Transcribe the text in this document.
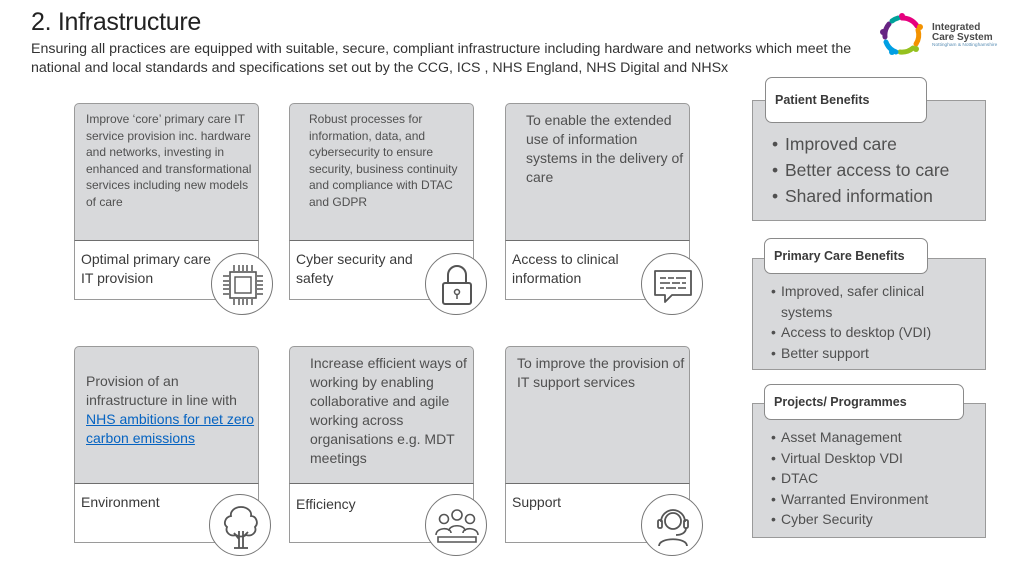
2. Infrastructure
Ensuring all practices are equipped with suitable, secure, compliant infrastructure including hardware and networks which meet the national and local standards and specifications set out by the CCG, ICS , NHS England, NHS Digital and NHSx
Integrated
Care System
Nottingham & Nottinghamshire
Improve ‘core’ primary care IT service provision inc. hardware and networks, investing in enhanced and transformational services including new models of care
Optimal primary care IT provision
Robust processes for information, data, and cybersecurity to ensure security, business continuity and compliance with DTAC and GDPR
Cyber security and safety
To enable the extended use of information systems in the delivery of care
Access to clinical information
Provision of an infrastructure in line with NHS ambitions for net zero carbon emissions
Environment
Increase efficient ways of working by enabling collaborative and agile working across organisations e.g. MDT meetings
Efficiency
To improve the provision of IT support services
Support
Patient Benefits
• Improved care
• Better access to care
• Shared information
Primary Care Benefits
• Improved, safer clinical systems
• Access to desktop (VDI)
• Better support
Projects/ Programmes
• Asset Management
• Virtual Desktop VDI
• DTAC
• Warranted Environment
• Cyber Security
